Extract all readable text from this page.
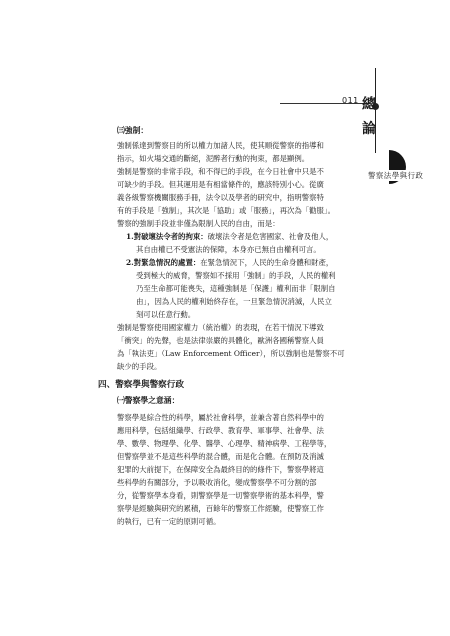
011 總 論
警察法學與行政
㈢強制：
強制係達到警察目的所以權力加諸人民，使其順從警察的指導和
指示，如火場交通的斷絕，泥醉者行動的拘束，都是顯例。
強制是警察的非常手段，和不得已的手段，在今日社會中只是不
可缺少的手段。但其運用是有相當條件的，應該特別小心。從廣
義各級警察機關服務手冊，法令以及學者的研究中，指明警察特
有的手段是「強制」，其次是「協助」或「服務」，再次為「勸服」。
警察的強制手段並非僅為限制人民的自由，而是：
1.對破壞法令者的拘束：破壞法令者是危害國家、社會及他人，
其自由權已不受憲法的保障，本身亦已無自由權利可言。
2.對緊急情況的處置：在緊急情況下，人民的生命身體和財產，
受到極大的威脅，警察如不採用「強制」的手段，人民的權利
乃至生命都可能喪失，這種強制是「保護」權利而非「限制自
由」，因為人民的權利始終存在，一旦緊急情況消滅，人民立
刻可以任意行動。
強制是警察使用國家權力（統治權）的表現，在若干情況下導致
「衝突」的先聲，也是法律崇嚴的具體化，歐洲各國稱警察人員
為「執法吏」（Law Enforcement Officer），所以強制也是警察不可
缺少的手段。
四、警察學與警察行政
㈠警察學之意涵：
警察學是綜合性的科學，屬於社會科學，並兼含著自然科學中的
應用科學，包括組織學、行政學、教育學、軍事學、社會學、法
學、數學、物理學、化學、醫學、心理學、精神病學、工程學等，
但警察學並不是這些科學的混合體，而是化合體。在預防及消滅
犯罪的大前提下，在保障安全為最終目的的條件下，警察學將這
些科學的有關部分，予以吸收消化，變成警察學不可分割的部
分，從警察學本身看，則警察學是一切警察學術的基本科學，警
察學是經驗與研究的累積，百餘年的警察工作經驗，使警察工作
的執行，已有一定的原則可循。
